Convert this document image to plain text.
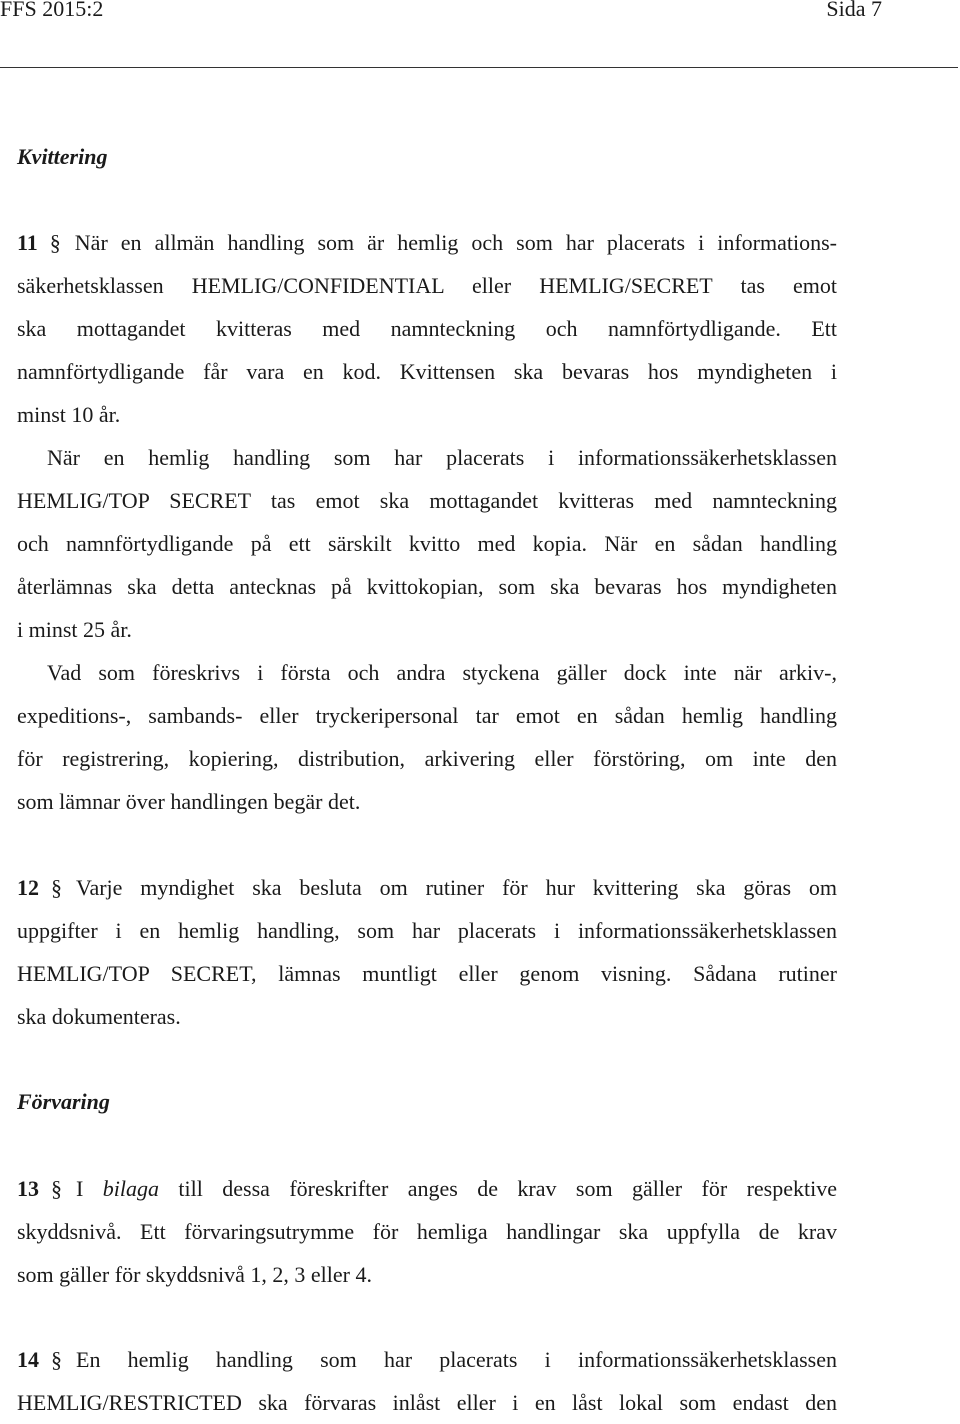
FFS 2015:2	Sida 7
Kvittering
11 § När en allmän handling som är hemlig och som har placerats i informations-
säkerhetsklassen HEMLIG/CONFIDENTIAL eller HEMLIG/SECRET tas emot
ska mottagandet kvitteras med namnteckning och namnförtydligande. Ett
namnförtydligande får vara en kod. Kvittensen ska bevaras hos myndigheten i
minst 10 år.
När en hemlig handling som har placerats i informationssäkerhetsklassen
HEMLIG/TOP SECRET tas emot ska mottagandet kvitteras med namnteckning
och namnförtydligande på ett särskilt kvitto med kopia. När en sådan handling
återlämnas ska detta antecknas på kvittokopian, som ska bevaras hos myndigheten
i minst 25 år.
Vad som föreskrivs i första och andra styckena gäller dock inte när arkiv-,
expeditions-, sambands- eller tryckeripersonal tar emot en sådan hemlig handling
för registrering, kopiering, distribution, arkivering eller förstöring, om inte den
som lämnar över handlingen begär det.
12 § Varje myndighet ska besluta om rutiner för hur kvittering ska göras om
uppgifter i en hemlig handling, som har placerats i informationssäkerhetsklassen
HEMLIG/TOP SECRET, lämnas muntligt eller genom visning. Sådana rutiner
ska dokumenteras.
Förvaring
13 § I bilaga till dessa föreskrifter anges de krav som gäller för respektive
skyddsnivå. Ett förvaringsutrymme för hemliga handlingar ska uppfylla de krav
som gäller för skyddsnivå 1, 2, 3 eller 4.
14 § En hemlig handling som har placerats i informationssäkerhetsklassen
HEMLIG/RESTRICTED ska förvaras inlåst eller i en låst lokal som endast den
